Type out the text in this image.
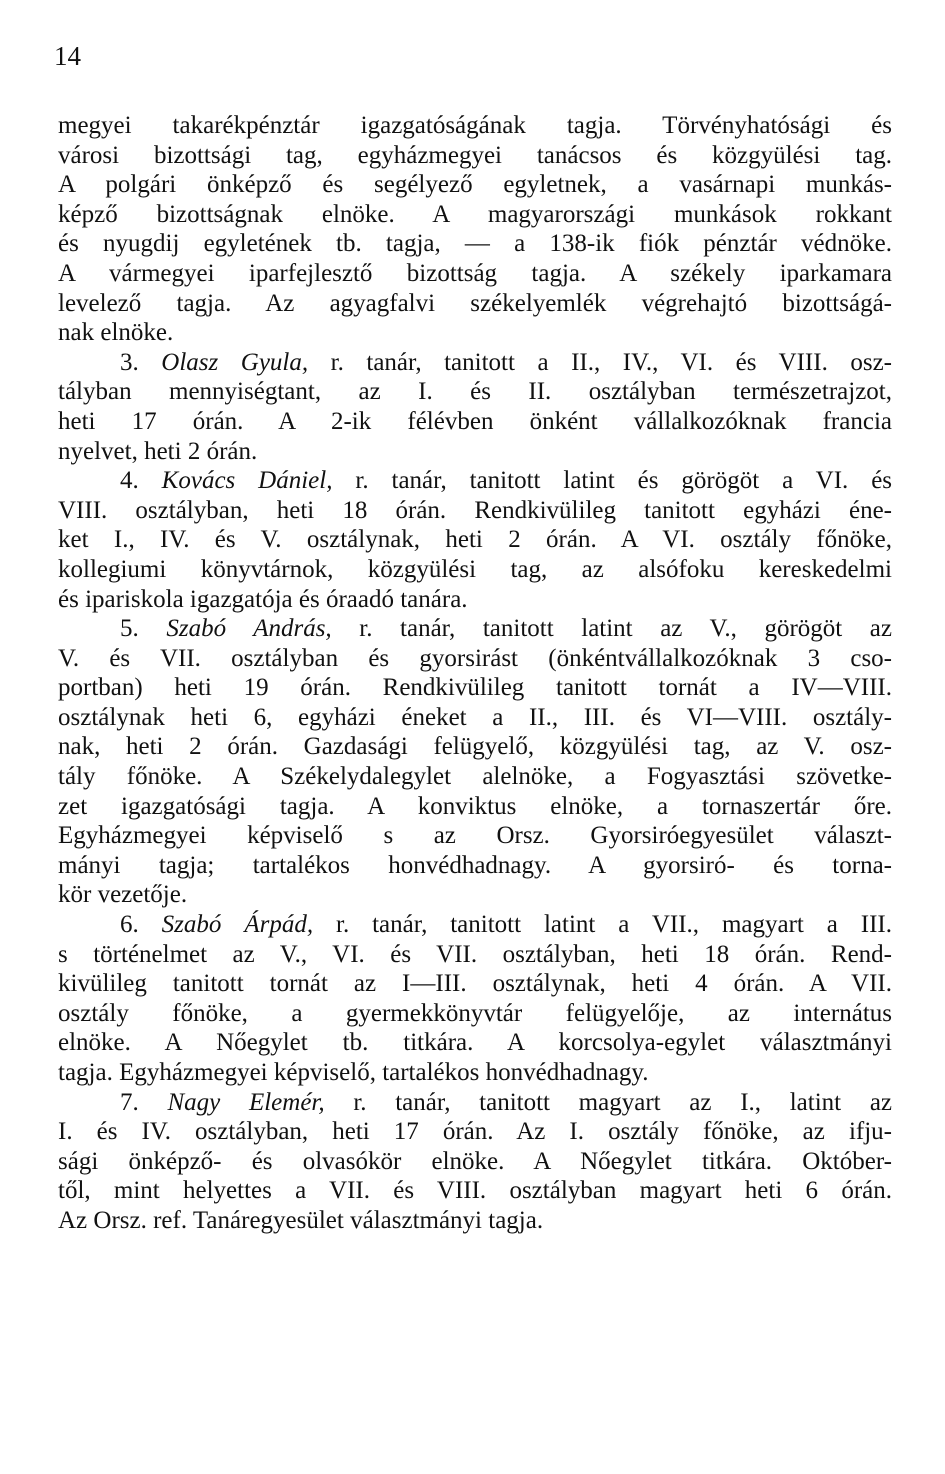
14
megyei takarékpénztár igazgatóságának tagja. Törvényhatósági és
városi bizottsági tag, egyházmegyei tanácsos és közgyülési tag.
A polgári önképző és segélyező egyletnek, a vasárnapi munkás-
képző bizottságnak elnöke. A magyarországi munkások rokkant
és nyugdij egyletének tb. tagja, — a 138-ik fiók pénztár védnöke.
A vármegyei iparfejlesztő bizottság tagja. A székely iparkamara
levelező tagja. Az agyagfalvi székelyemlék végrehajtó bizottságá-
nak elnöke.
3. Olasz Gyula, r. tanár, tanitott a II., IV., VI. és VIII. osz-
tályban mennyiségtant, az I. és II. osztályban természetrajzot,
heti 17 órán. A 2-ik félévben önként vállalkozóknak francia
nyelvet, heti 2 órán.
4. Kovács Dániel, r. tanár, tanitott latint és görögöt a VI. és
VIII. osztályban, heti 18 órán. Rendkivülileg tanitott egyházi éne-
ket I., IV. és V. osztálynak, heti 2 órán. A VI. osztály főnöke,
kollegiumi könyvtárnok, közgyülési tag, az alsófoku kereskedelmi
és ipariskola igazgatója és óraadó tanára.
5. Szabó András, r. tanár, tanitott latint az V., görögöt az
V. és VII. osztályban és gyorsirást (önkéntvállalkozóknak 3 cso-
portban) heti 19 órán. Rendkivülileg tanitott tornát a IV—VIII.
osztálynak heti 6, egyházi éneket a II., III. és VI—VIII. osztály-
nak, heti 2 órán. Gazdasági felügyelő, közgyülési tag, az V. osz-
tály főnöke. A Székelydalegylet alelnöke, a Fogyasztási szövetke-
zet igazgatósági tagja. A konviktus elnöke, a tornaszertár őre.
Egyházmegyei képviselő s az Orsz. Gyorsiróegyesület választ-
mányi tagja; tartalékos honvédhadnagy. A gyorsiró- és torna-
kör vezetője.
6. Szabó Árpád, r. tanár, tanitott latint a VII., magyart a III.
s történelmet az V., VI. és VII. osztályban, heti 18 órán. Rend-
kivülileg tanitott tornát az I—III. osztálynak, heti 4 órán. A VII.
osztály főnöke, a gyermekkönyvtár felügyelője, az internátus
elnöke. A Nőegylet tb. titkára. A korcsolya-egylet választmányi
tagja. Egyházmegyei képviselő, tartalékos honvédhadnagy.
7. Nagy Elemér, r. tanár, tanitott magyart az I., latint az
I. és IV. osztályban, heti 17 órán. Az I. osztály főnöke, az ifju-
sági önképző- és olvasókör elnöke. A Nőegylet titkára. Október-
től, mint helyettes a VII. és VIII. osztályban magyart heti 6 órán.
Az Orsz. ref. Tanáregyesület választmányi tagja.
